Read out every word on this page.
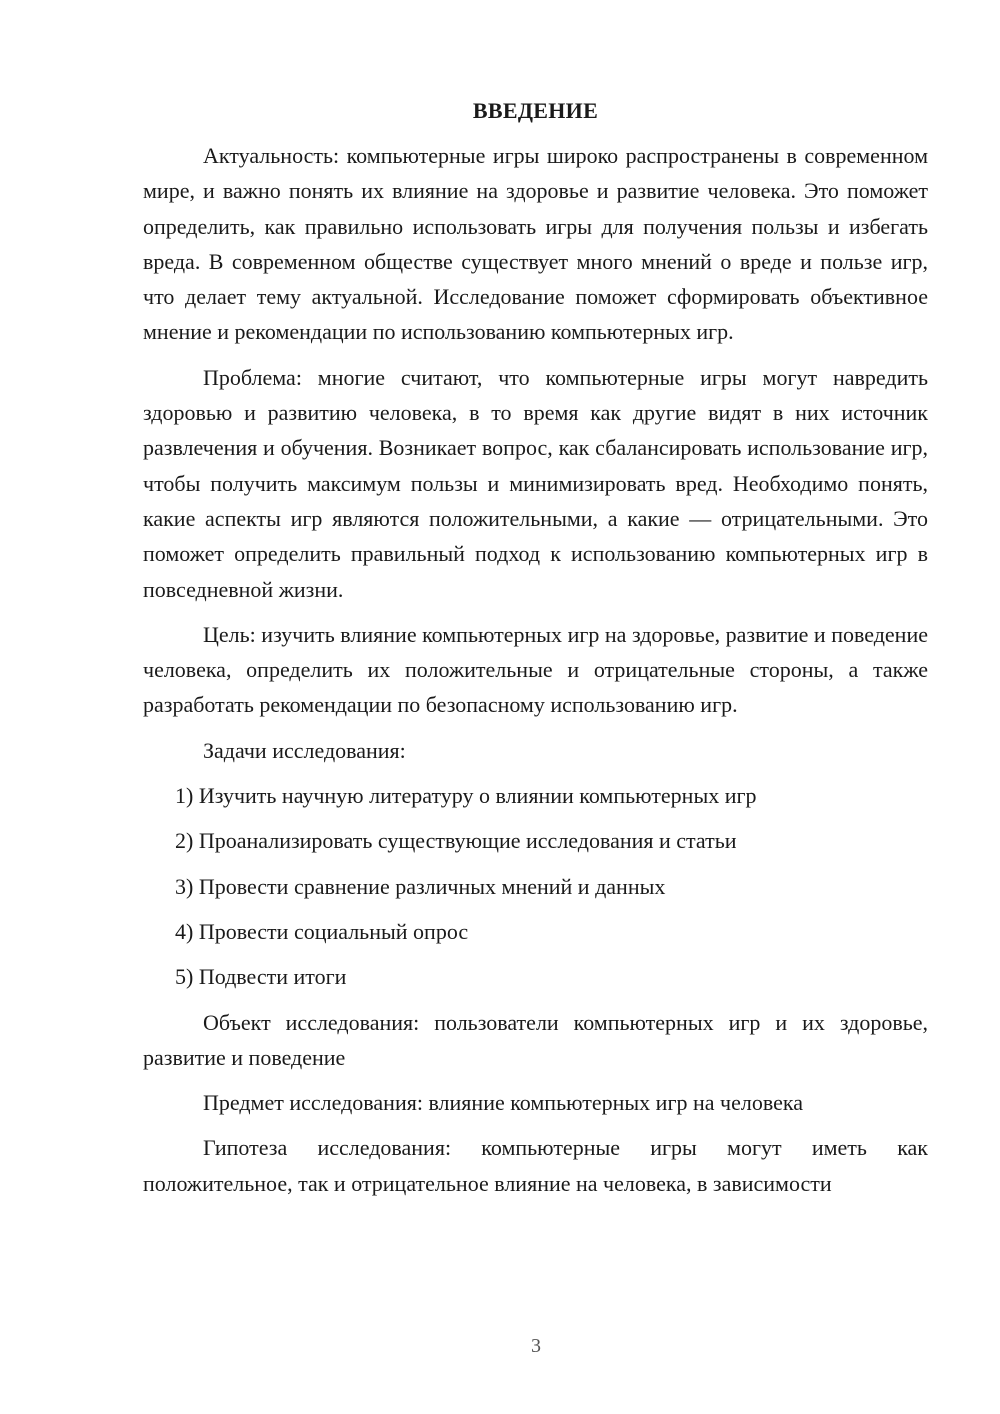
ВВЕДЕНИЕ

Актуальность: компьютерные игры широко распространены в современном мире, и важно понять их влияние на здоровье и развитие человека. Это поможет определить, как правильно использовать игры для получения пользы и избегать вреда. В современном обществе существует много мнений о вреде и пользе игр, что делает тему актуальной. Исследование поможет сформировать объективное мнение и рекомендации по использованию компьютерных игр.

Проблема: многие считают, что компьютерные игры могут навредить здоровью и развитию человека, в то время как другие видят в них источник развлечения и обучения. Возникает вопрос, как сбалансировать использование игр, чтобы получить максимум пользы и минимизировать вред. Необходимо понять, какие аспекты игр являются положительными, а какие — отрицательными. Это поможет определить правильный подход к использованию компьютерных игр в повседневной жизни.

Цель: изучить влияние компьютерных игр на здоровье, развитие и поведение человека, определить их положительные и отрицательные стороны, а также разработать рекомендации по безопасному использованию игр.

Задачи исследования:

1) Изучить научную литературу о влиянии компьютерных игр
2) Проанализировать существующие исследования и статьи
3) Провести сравнение различных мнений и данных
4) Провести социальный опрос
5) Подвести итоги

Объект исследования: пользователи компьютерных игр и их здоровье, развитие и поведение

Предмет исследования: влияние компьютерных игр на человека

Гипотеза исследования: компьютерные игры могут иметь как положительное, так и отрицательное влияние на человека, в зависимости

3
